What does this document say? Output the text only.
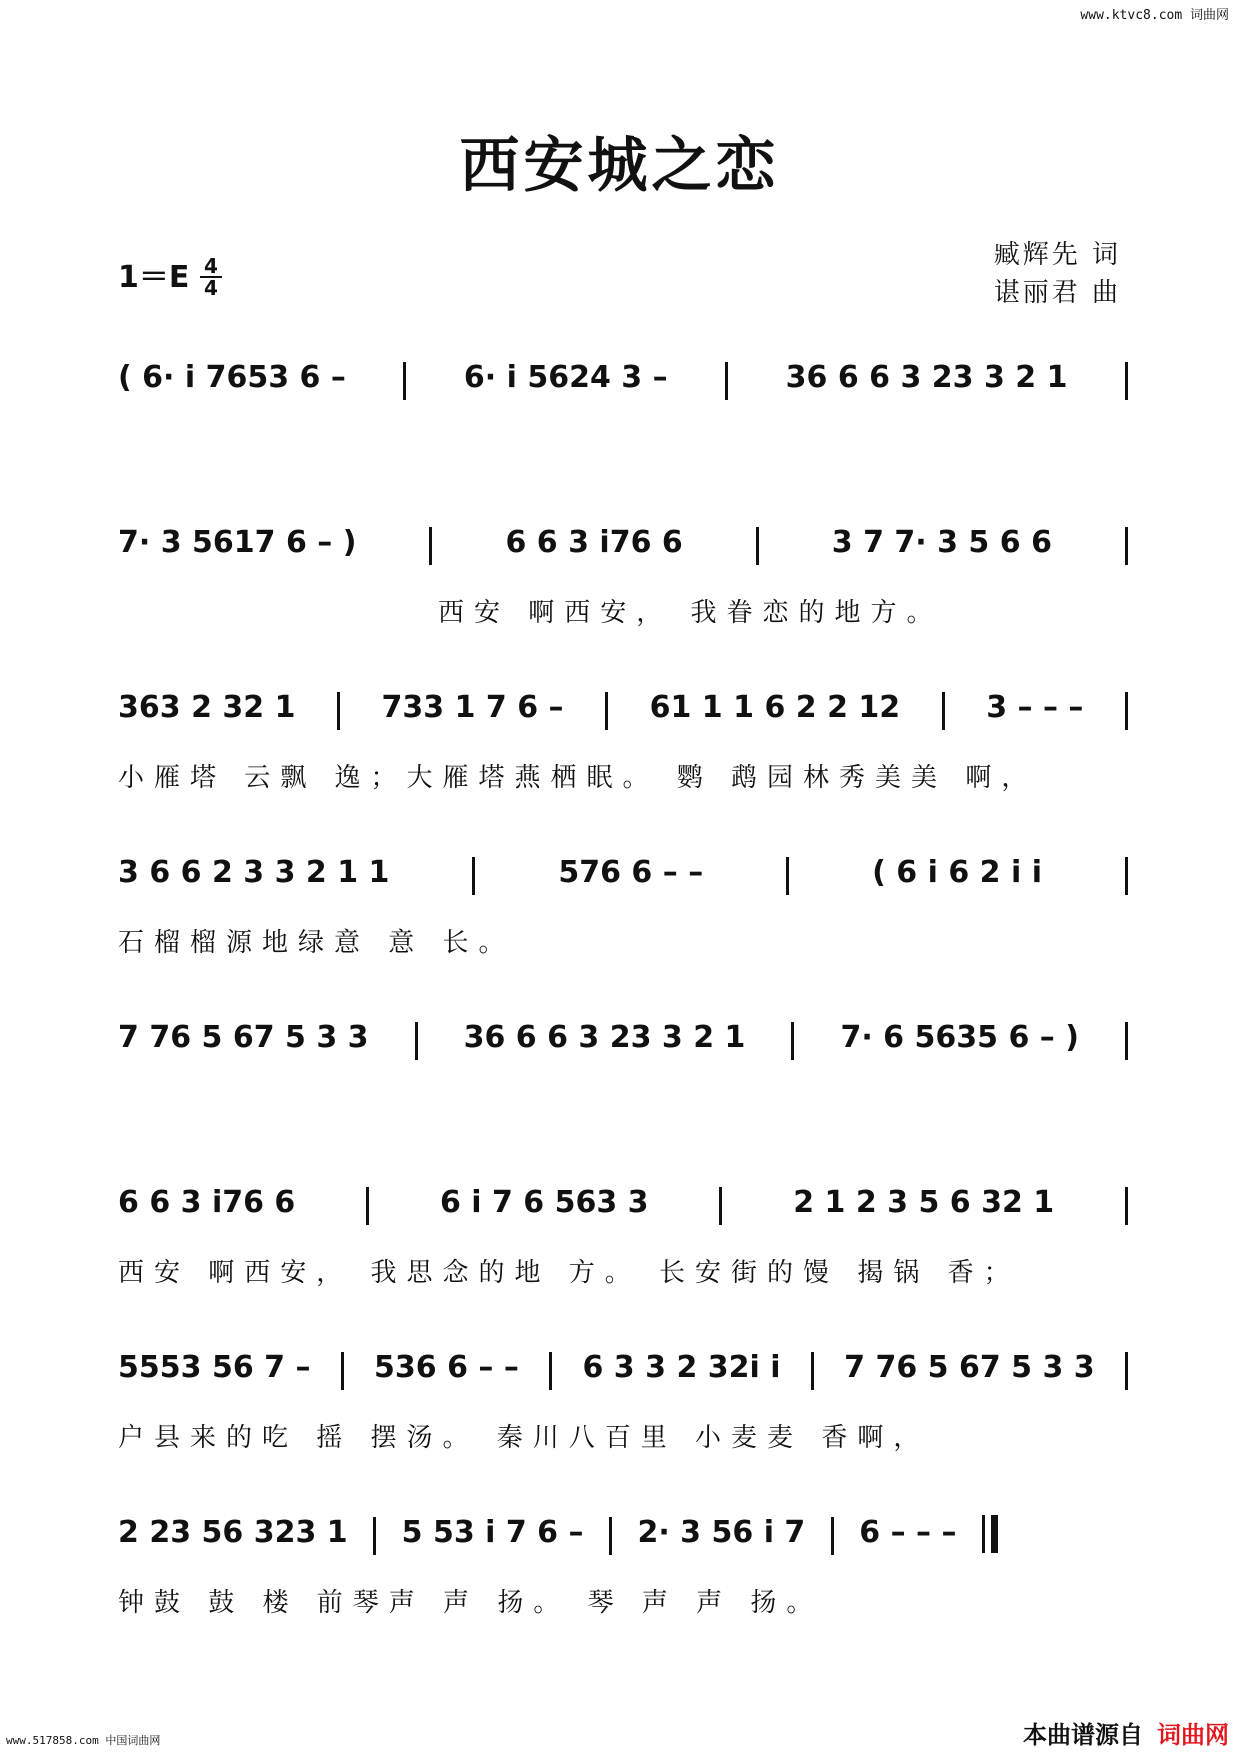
www.ktvc8.com 词曲网
西安城之恋
1＝E 4
4
臧辉先 词
谌丽君 曲
( 6· i 7653 6 –	6· i 5624 3 –	36 6 6 3 23 3 2 1
7· 3 5617 6 – )	6 6 3 i76 6	3 7 7· 3 5 6 6
西安 啊西安， 我眷恋的地方。
363 2 32 1	733 1 7 6 –	61 1 1 6 2 2 12	3 – – –
小雁塔 云飘 逸；大雁塔燕栖眠。 鹦 鹉园林秀美美 啊，
3 6 6 2 3 3 2 1 1	576 6 – –	( 6 i 6 2 i i
石榴榴源地绿意 意 长。
7 76 5 67 5 3 3	36 6 6 3 23 3 2 1	7· 6 5635 6 – )
6 6 3 i76 6	6 i 7 6 563 3	2 1 2 3 5 6 32 1
西安 啊西安， 我思念的地 方。 长安街的馒 揭锅 香；
5553 56 7 – 536 6 – – 6 3 3 2 32i i 7 76 5 67 5 3 3
户县来的吃 摇 摆汤。 秦川八百里 小麦麦 香啊，
2 23 56 323 1 5 53 i 7 6 – 2· 3 56 i 7 6 – – –
钟鼓 鼓 楼 前琴声 声 扬。 琴 声 声 扬。
www.517858.com 中国词曲网	本曲谱源自 词曲网
